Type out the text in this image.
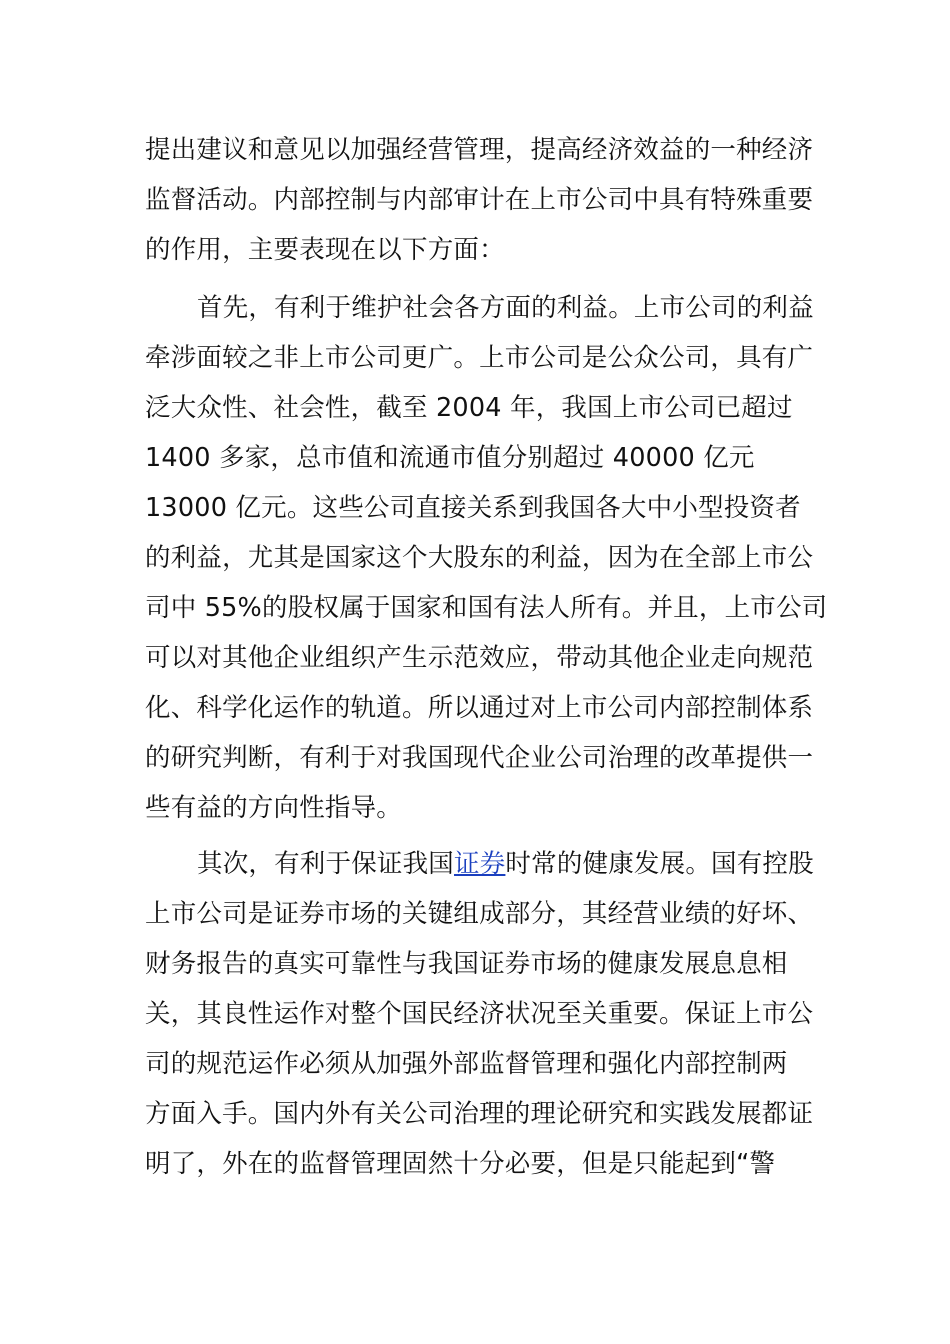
提出建议和意见以加强经营管理，提高经济效益的一种经济
监督活动。内部控制与内部审计在上市公司中具有特殊重要
的作用，主要表现在以下方面：
首先，有利于维护社会各方面的利益。上市公司的利益
牵涉面较之非上市公司更广。上市公司是公众公司，具有广
泛大众性、社会性，截至 2004 年，我国上市公司已超过
1400 多家，总市值和流通市值分别超过 40000 亿元
13000 亿元。这些公司直接关系到我国各大中小型投资者
的利益，尤其是国家这个大股东的利益，因为在全部上市公
司中 55%的股权属于国家和国有法人所有。并且，上市公司
可以对其他企业组织产生示范效应，带动其他企业走向规范
化、科学化运作的轨道。所以通过对上市公司内部控制体系
的研究判断，有利于对我国现代企业公司治理的改革提供一
些有益的方向性指导。
其次，有利于保证我国证券时常的健康发展。国有控股
上市公司是证券市场的关键组成部分，其经营业绩的好坏、
财务报告的真实可靠性与我国证券市场的健康发展息息相
关，其良性运作对整个国民经济状况至关重要。保证上市公
司的规范运作必须从加强外部监督管理和强化内部控制两
方面入手。国内外有关公司治理的理论研究和实践发展都证
明了，外在的监督管理固然十分必要，但是只能起到“警
